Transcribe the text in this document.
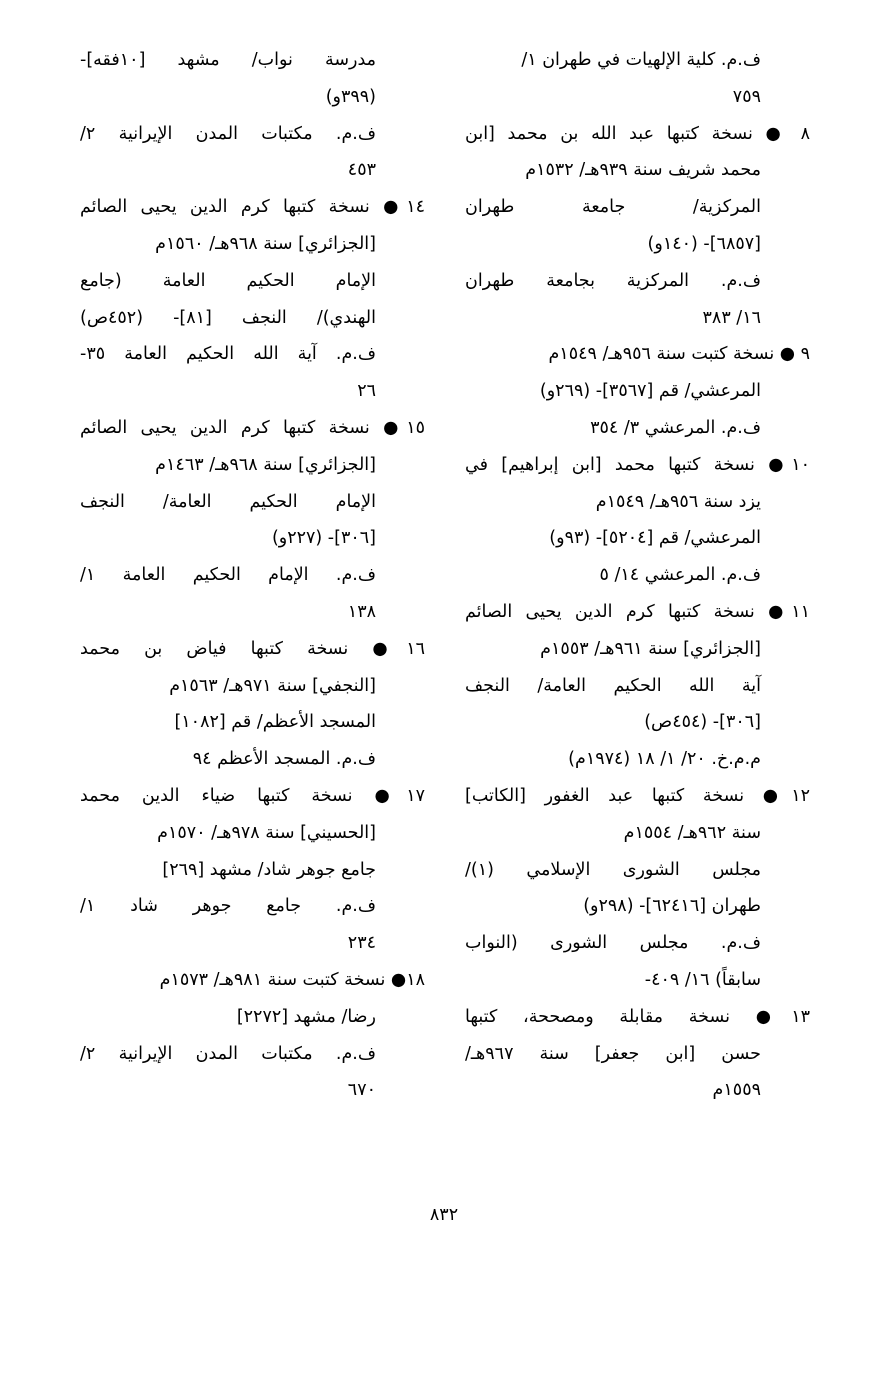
ف.م. كلية الإلهيات في طهران ١/
٧٥٩
٨ ● نسخة كتبها عبد الله بن محمد [ابن
محمد شريف سنة ٩٣٩هـ/ ١٥٣٢م
المركزية/ جامعة طهران
[٦٨٥٧]- (١٤٠و)
ف.م. المركزية بجامعة طهران
١٦/ ٣٨٣
٩ ● نسخة كتبت سنة ٩٥٦هـ/ ١٥٤٩م
المرعشي/ قم [٣٥٦٧]- (٢٦٩و)
ف.م. المرعشي ٣/ ٣٥٤
١٠● نسخة كتبها محمد [ابن إبراهيم] في
يزد سنة ٩٥٦هـ/ ١٥٤٩م
المرعشي/ قم [٥٢٠٤]- (٩٣و)
ف.م. المرعشي ١٤/ ٥
١١● نسخة كتبها كرم الدين يحيى الصائم
[الجزائري] سنة ٩٦١هـ/ ١٥٥٣م
آية الله الحكيم العامة/ النجف
[٣٠٦]- (٤٥٤ص)
م.م.خ. ٢٠/ ١/ ١٨ (١٩٧٤م)
١٢● نسخة كتبها عبد الغفور [الكاتب]
سنة ٩٦٢هـ/ ١٥٥٤م
مجلس الشورى الإسلامي (١)/
طهران [٦٢٤١٦]- (٢٩٨و)
ف.م. مجلس الشورى (النواب
سابقاً) ١٦/ ٤٠٩-
١٣● نسخة مقابلة ومصححة، كتبها
حسن [ابن جعفر] سنة ٩٦٧هـ/
١٥٥٩م
مدرسة نواب/ مشهد [١٠فقه]-
(٣٩٩و)
ف.م. مكتبات المدن الإيرانية ٢/
٤٥٣
١٤● نسخة كتبها كرم الدين يحيى الصائم
[الجزائري] سنة ٩٦٨هـ/ ١٥٦٠م
الإمام الحكيم العامة (جامع
الهندي)/ النجف [٨١]- (٤٥٢ص)
ف.م. آية الله الحكيم العامة ٣٥-
٢٦
١٥● نسخة كتبها كرم الدين يحيى الصائم
[الجزائري] سنة ٩٦٨هـ/ ١٤٦٣م
الإمام الحكيم العامة/ النجف
[٣٠٦]- (٢٢٧و)
ف.م. الإمام الحكيم العامة ١/
١٣٨
١٦● نسخة كتبها فياض بن محمد
[النجفي] سنة ٩٧١هـ/ ١٥٦٣م
المسجد الأعظم/ قم [١٠٨٢]
ف.م. المسجد الأعظم ٩٤
١٧● نسخة كتبها ضياء الدين محمد
[الحسيني] سنة ٩٧٨هـ/ ١٥٧٠م
جامع جوهر شاد/ مشهد [٢٦٩]
ف.م. جامع جوهر شاد ١/
٢٣٤
١٨● نسخة كتبت سنة ٩٨١هـ/ ١٥٧٣م
رضا/ مشهد [٢٢٧٢]
ف.م. مكتبات المدن الإيرانية ٢/
٦٧٠
٨٣٢
